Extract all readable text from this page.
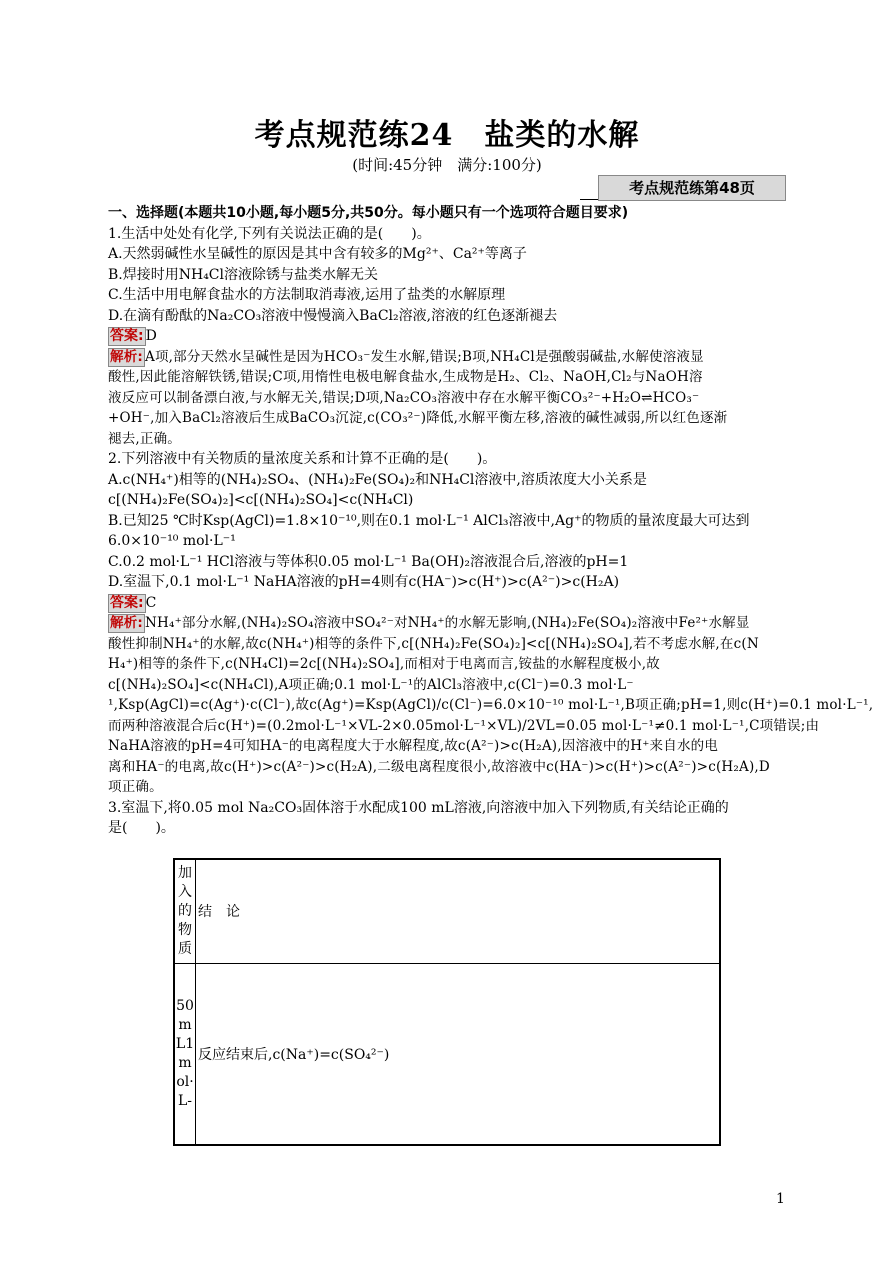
考点规范练24　盐类的水解
(时间:45分钟　满分:100分)
考点规范练第48页
一、选择题(本题共10小题,每小题5分,共50分。每小题只有一个选项符合题目要求)
1.生活中处处有化学,下列有关说法正确的是(　　)。
A.天然弱碱性水呈碱性的原因是其中含有较多的Mg²⁺、Ca²⁺等离子
B.焊接时用NH₄Cl溶液除锈与盐类水解无关
C.生活中用电解食盐水的方法制取消毒液,运用了盐类的水解原理
D.在滴有酚酞的Na₂CO₃溶液中慢慢滴入BaCl₂溶液,溶液的红色逐渐褪去
答案: D
解析: A项,部分天然水呈碱性是因为HCO₃⁻发生水解,错误;B项,NH₄Cl是强酸弱碱盐,水解使溶液显
酸性,因此能溶解铁锈,错误;C项,用惰性电极电解食盐水,生成物是H₂、Cl₂、NaOH,Cl₂与NaOH溶
液反应可以制备漂白液,与水解无关,错误;D项,Na₂CO₃溶液中存在水解平衡CO₃²⁻+H₂O⇌HCO₃⁻
+OH⁻,加入BaCl₂溶液后生成BaCO₃沉淀,c(CO₃²⁻)降低,水解平衡左移,溶液的碱性减弱,所以红色逐渐
褪去,正确。
2.下列溶液中有关物质的量浓度关系和计算不正确的是(　　)。
A.c(NH₄⁺)相等的(NH₄)₂SO₄、(NH₄)₂Fe(SO₄)₂和NH₄Cl溶液中,溶质浓度大小关系是
c[(NH₄)₂Fe(SO₄)₂]<c[(NH₄)₂SO₄]<c(NH₄Cl)
B.已知25 ℃时Ksp(AgCl)=1.8×10⁻¹⁰,则在0.1 mol·L⁻¹ AlCl₃溶液中,Ag⁺的物质的量浓度最大可达到
6.0×10⁻¹⁰ mol·L⁻¹
C.0.2 mol·L⁻¹ HCl溶液与等体积0.05 mol·L⁻¹ Ba(OH)₂溶液混合后,溶液的pH=1
D.室温下,0.1 mol·L⁻¹ NaHA溶液的pH=4则有c(HA⁻)>c(H⁺)>c(A²⁻)>c(H₂A)
答案: C
解析: NH₄⁺部分水解,(NH₄)₂SO₄溶液中SO₄²⁻对NH₄⁺的水解无影响,(NH₄)₂Fe(SO₄)₂溶液中Fe²⁺水解显
酸性抑制NH₄⁺的水解,故c(NH₄⁺)相等的条件下,c[(NH₄)₂Fe(SO₄)₂]<c[(NH₄)₂SO₄],若不考虑水解,在c(N
H₄⁺)相等的条件下,c(NH₄Cl)=2c[(NH₄)₂SO₄],而相对于电离而言,铵盐的水解程度极小,故
c[(NH₄)₂SO₄]<c(NH₄Cl),A项正确;0.1 mol·L⁻¹的AlCl₃溶液中,c(Cl⁻)=0.3 mol·L⁻
¹,Ksp(AgCl)=c(Ag⁺)·c(Cl⁻),故c(Ag⁺)=Ksp(AgCl)/c(Cl⁻)=6.0×10⁻¹⁰ mol·L⁻¹,B项正确;pH=1,则c(H⁺)=0.1 mol·L⁻¹,
而两种溶液混合后c(H⁺)=(0.2mol·L⁻¹×VL-2×0.05mol·L⁻¹×VL)/2VL=0.05 mol·L⁻¹≠0.1 mol·L⁻¹,C项错误;由
NaHA溶液的pH=4可知HA⁻的电离程度大于水解程度,故c(A²⁻)>c(H₂A),因溶液中的H⁺来自水的电
离和HA⁻的电离,故c(H⁺)>c(A²⁻)>c(H₂A),二级电离程度很小,故溶液中c(HA⁻)>c(H⁺)>c(A²⁻)>c(H₂A),D
项正确。
3.室温下,将0.05 mol Na₂CO₃固体溶于水配成100 mL溶液,向溶液中加入下列物质,有关结论正确的
是(　　)。
加入的物质	结　论
50mL1mol·L-	反应结束后,c(Na⁺)=c(SO₄²⁻)
1
